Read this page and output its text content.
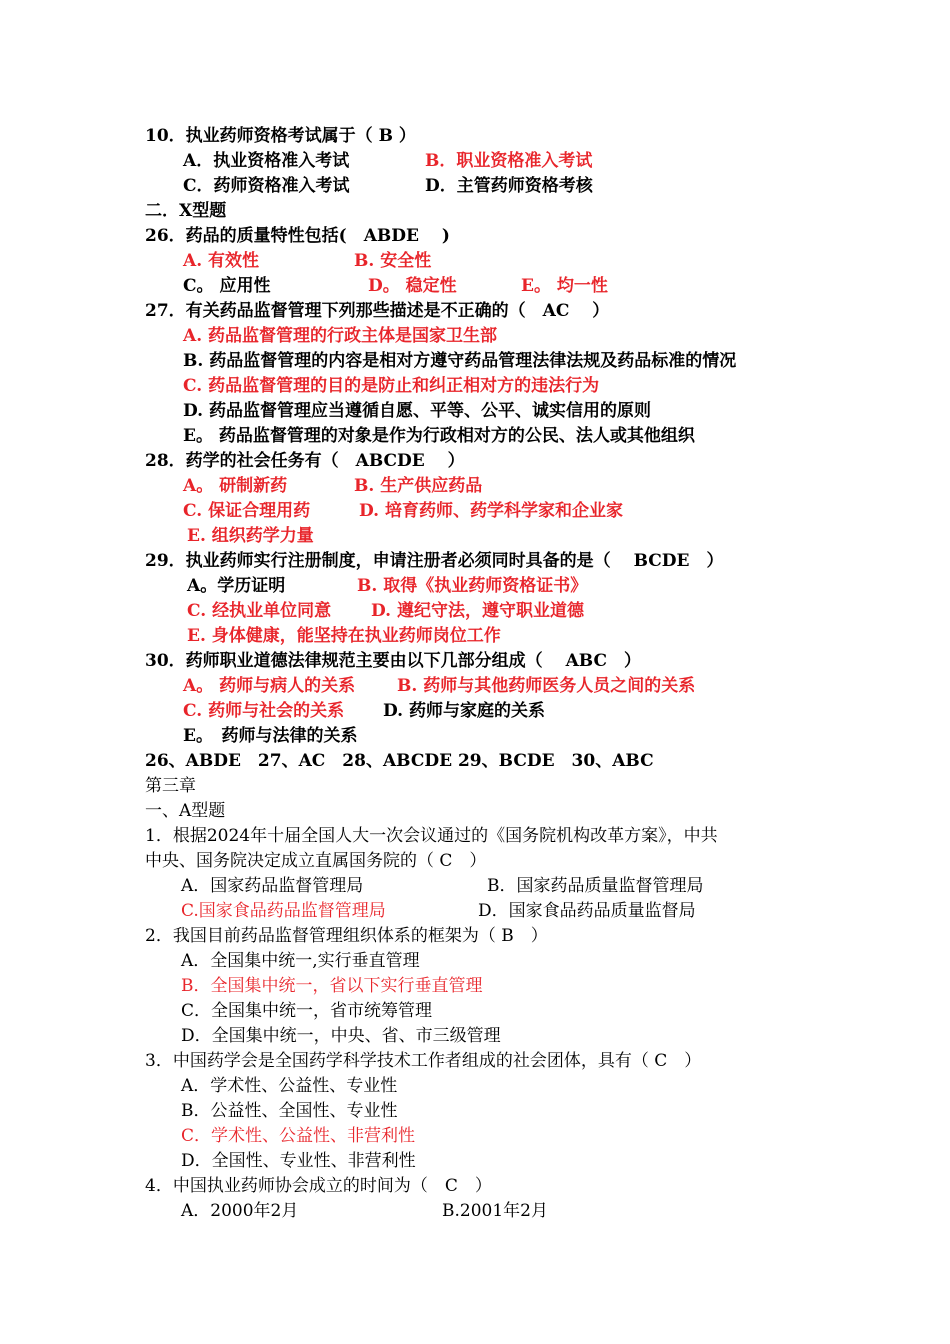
10．执业药师资格考试属于（ B ）
A．执业资格准入考试	B．职业资格准入考试
C．药师资格准入考试	D．主管药师资格考核
二．X型题
26．药品的质量特性包括(　ABDE　 )
A. 有效性	B. 安全性
C。 应用性	D。 稳定性	E。 均一性
27．有关药品监督管理下列那些描述是不正确的（　AC　 ）
A. 药品监督管理的行政主体是国家卫生部
B. 药品监督管理的内容是相对方遵守药品管理法律法规及药品标准的情况
C. 药品监督管理的目的是防止和纠正相对方的违法行为
D. 药品监督管理应当遵循自愿、平等、公平、诚实信用的原则
E。 药品监督管理的对象是作为行政相对方的公民、法人或其他组织
28．药学的社会任务有（　ABCDE　 ）
A。 研制新药	B. 生产供应药品
C. 保证合理用药	D. 培育药师、药学科学家和企业家
E. 组织药学力量
29．执业药师实行注册制度，申请注册者必须同时具备的是（　 BCDE　）
A。学历证明	B. 取得《执业药师资格证书》
C. 经执业单位同意 D. 遵纪守法，遵守职业道德
E. 身体健康，能坚持在执业药师岗位工作
30．药师职业道德法律规范主要由以下几部分组成（　 ABC　）
A。 药师与病人的关系 B. 药师与其他药师医务人员之间的关系
C. 药师与社会的关系 D. 药师与家庭的关系
E。　药师与法律的关系
26、ABDE　27、AC　28、ABCDE 29、BCDE　30、ABC
第三章
一、A型题
1．根据2024年十届全国人大一次会议通过的《国务院机构改革方案》，中共
中央、国务院决定成立直属国务院的（ C　）
A．国家药品监督管理局	B．国家药品质量监督管理局
C.国家食品药品监督管理局	D．国家食品药品质量监督局
2．我国目前药品监督管理组织体系的框架为（ B　）
A．全国集中统一,实行垂直管理
B．全国集中统一，省以下实行垂直管理
C．全国集中统一，省市统筹管理
D．全国集中统一，中央、省、市三级管理
3．中国药学会是全国药学科学技术工作者组成的社会团体，具有（ C　）
A．学术性、公益性、专业性
B．公益性、全国性、专业性
C．学术性、公益性、非营利性
D．全国性、专业性、非营利性
4．中国执业药师协会成立的时间为（　C　）
A．2000年2月	B.2001年2月
